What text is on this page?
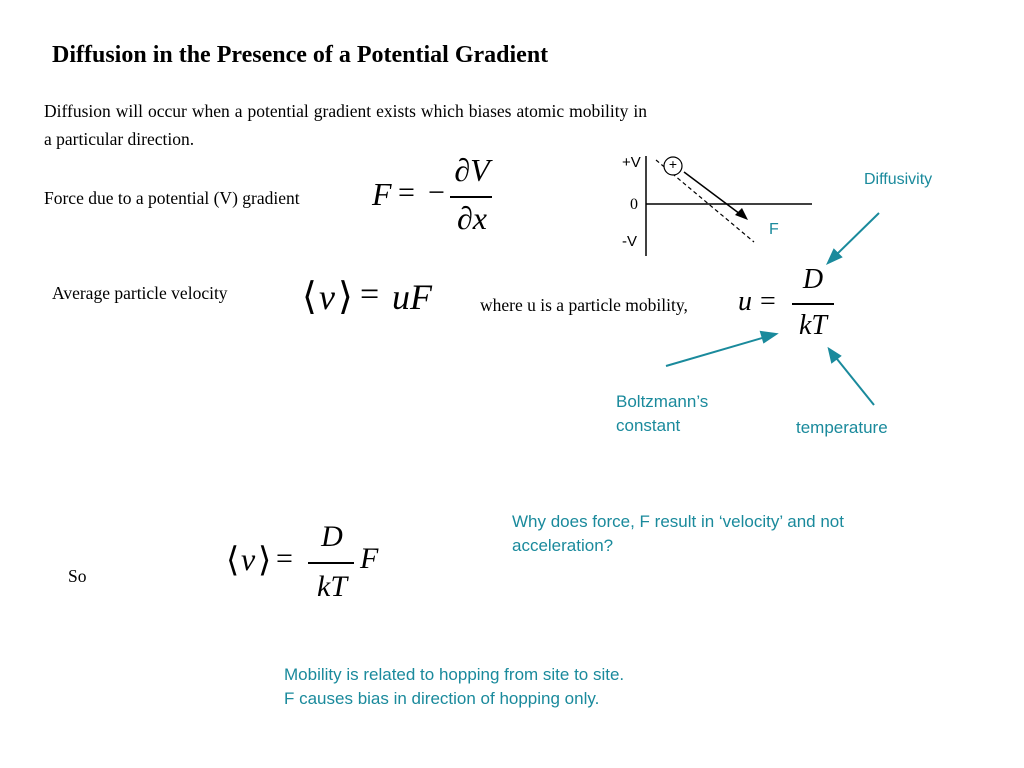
Diffusion in the Presence of a Potential Gradient
Diffusion will occur when a potential gradient exists which biases atomic mobility in a particular direction.
Force due to a potential (V) gradient F = −
∂V
∂x
+V
0
-V
+
F
Diffusivity
Average particle velocity ⟨ v ⟩ = uF	where u is a particle mobility, u =
D
kT
Boltzmann’s
constant	temperature
Why does force, F result in ‘velocity’ and not
acceleration?
So	⟨ v ⟩ =
D
kT
F
Mobility is related to hopping from site to site.
F causes bias in direction of hopping only.
